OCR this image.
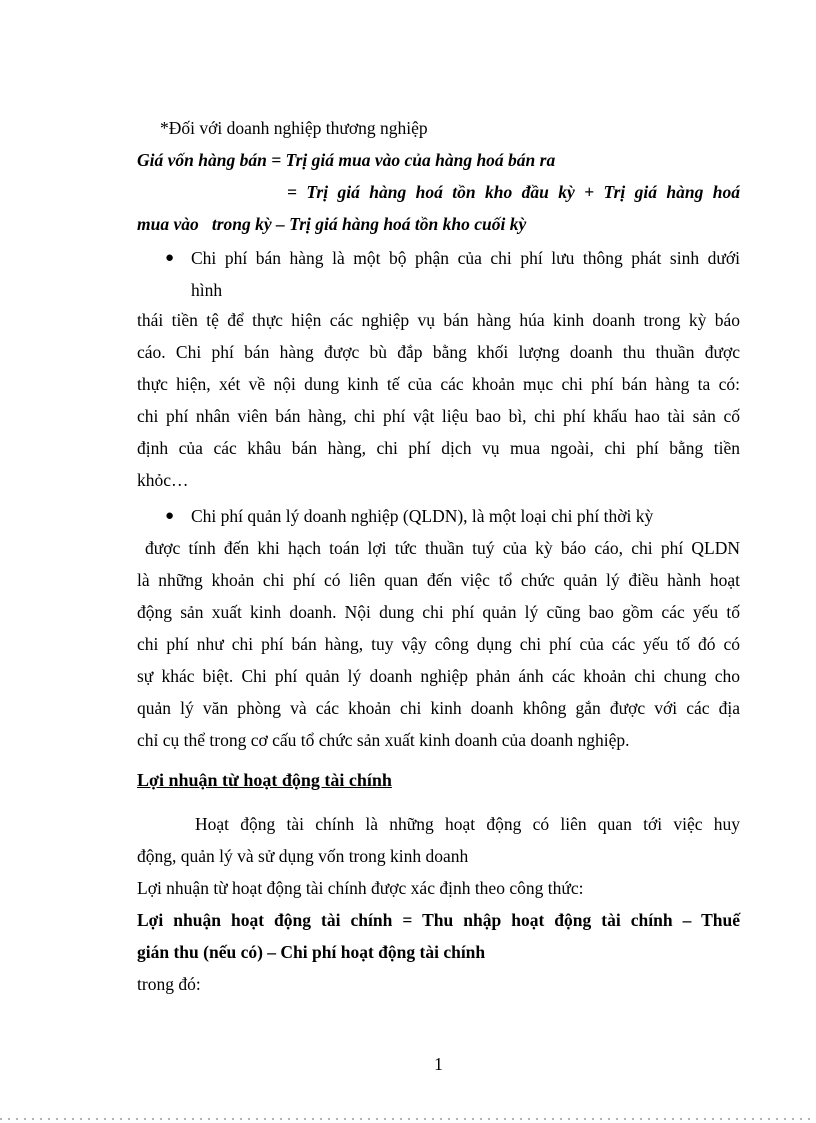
*Đối với doanh nghiệp thương nghiệp

Giá vốn hàng bán = Trị giá mua vào của hàng hoá bán ra
= Trị giá hàng hoá tồn kho đầu kỳ + Trị giá hàng hoá
mua vào   trong kỳ – Trị giá hàng hoá tồn kho cuối kỳ
● Chi phí bán hàng là một bộ phận của chi phí lưu thông phát sinh dưới
hình
thái tiền tệ để thực hiện các nghiệp vụ bán hàng húa kinh doanh trong kỳ báo
cáo. Chi phí bán hàng được bù đắp bằng khối lượng doanh thu thuần được
thực hiện, xét về nội dung kinh tế của các khoản mục chi phí bán hàng ta có:
chi phí nhân viên bán hàng, chi phí vật liệu bao bì, chi phí khấu hao tài sản cố
định của các khâu bán hàng, chi phí dịch vụ mua ngoài, chi phí bằng tiền
khỏc…
● Chi phí quản lý doanh nghiệp (QLDN), là một loại chi phí thời kỳ
được tính đến khi hạch toán lợi tức thuần tuý của kỳ báo cáo, chi phí QLDN
là những khoản chi phí có liên quan đến việc tổ chức quản lý điều hành hoạt
động sản xuất kinh doanh. Nội dung chi phí quản lý cũng bao gồm các yếu tố
chi phí như chi phí bán hàng, tuy vậy công dụng chi phí của các yếu tố đó có
sự khác biệt. Chi phí quản lý doanh nghiệp phản ánh các khoản chi chung cho
quản lý văn phòng và các khoản chi kinh doanh không gắn được với các địa
chỉ cụ thể trong cơ cấu tổ chức sản xuất kinh doanh của doanh nghiệp.
Lợi nhuận từ hoạt động tài chính
Hoạt động tài chính là những hoạt động có liên quan tới việc huy
động, quản lý và sử dụng vốn trong kinh doanh

Lợi nhuận từ hoạt động tài chính được xác định theo công thức:

Lợi nhuận hoạt động tài chính = Thu nhập hoạt động tài chính – Thuế
gián thu (nếu có) – Chi phí hoạt động tài chính

trong đó:

1
